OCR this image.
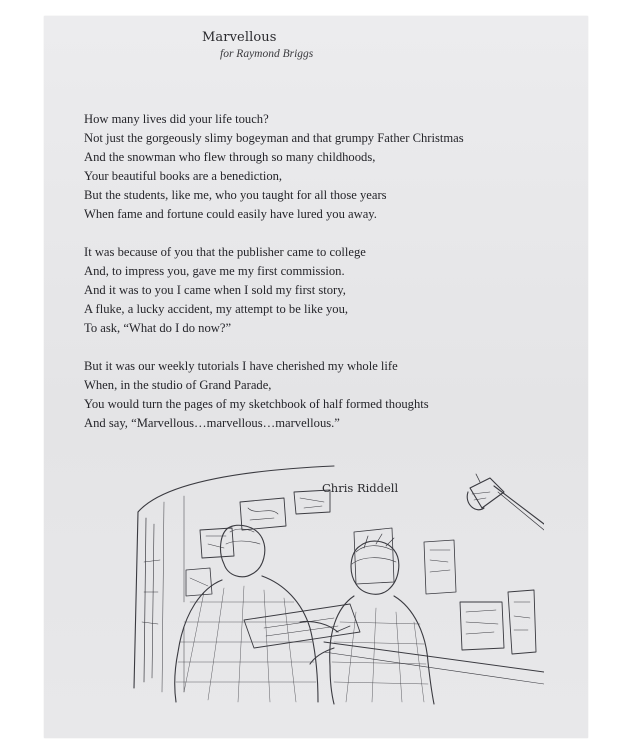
Marvellous
for Raymond Briggs
How many lives did your life touch?
Not just the gorgeously slimy bogeyman and that grumpy Father Christmas
And the snowman who flew through so many childhoods,
Your beautiful books are a benediction,
But the students, like me, who you taught for all those years
When fame and fortune could easily have lured you away.
It was because of you that the publisher came to college
And, to impress you, gave me my first commission.
And it was to you I came when I sold my first story,
A fluke, a lucky accident, my attempt to be like you,
To ask, “What do I do now?”
But it was our weekly tutorials I have cherished my whole life
When, in the studio of Grand Parade,
You would turn the pages of my sketchbook of half formed thoughts
And say, “Marvellous…marvellous…marvellous.”
Chris Riddell
